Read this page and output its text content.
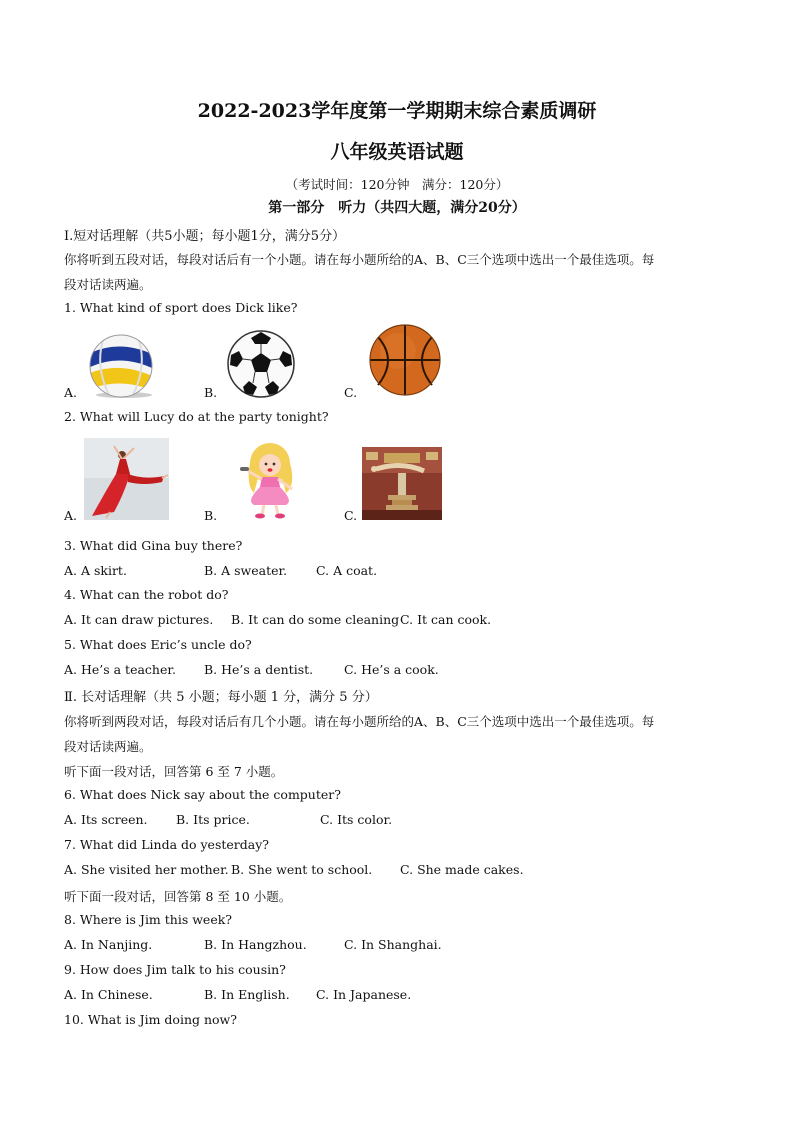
2022-2023学年度第一学期期末综合素质调研
八年级英语试题
（考试时间：120分钟　满分：120分）
第一部分　听力（共四大题，满分20分）
Ⅰ.短对话理解（共5小题；每小题1分，满分5分）
你将听到五段对话，每段对话后有一个小题。请在每小题所给的A、B、C三个选项中选出一个最佳选项。每
段对话读两遍。
1. What kind of sport does Dick like?
A.	B.	C.
2. What will Lucy do at the party tonight?
A.	B.	C.
3. What did Gina buy there?
A. A skirt.	B. A sweater. C. A coat.
4. What can the robot do?
A. It can draw pictures. B. It can do some cleaning C. It can cook.
5. What does Eric’s uncle do?
A. He’s a teacher. B. He’s a dentist. C. He’s a cook.
Ⅱ. 长对话理解（共 5 小题；每小题 1 分，满分 5 分）
你将听到两段对话，每段对话后有几个小题。请在每小题所给的A、B、C三个选项中选出一个最佳选项。每
段对话读两遍。
听下面一段对话，回答第 6 至 7 小题。
6. What does Nick say about the computer?
A. Its screen. B. Its price.	C. Its color.
7. What did Linda do yesterday?
A. She visited her mother. B. She went to school. C. She made cakes.
听下面一段对话，回答第 8 至 10 小题。
8. Where is Jim this week?
A. In Nanjing.	B. In Hangzhou.	C. In Shanghai.
9. How does Jim talk to his cousin?
A. In Chinese.	B. In English. C. In Japanese.
10. What is Jim doing now?
